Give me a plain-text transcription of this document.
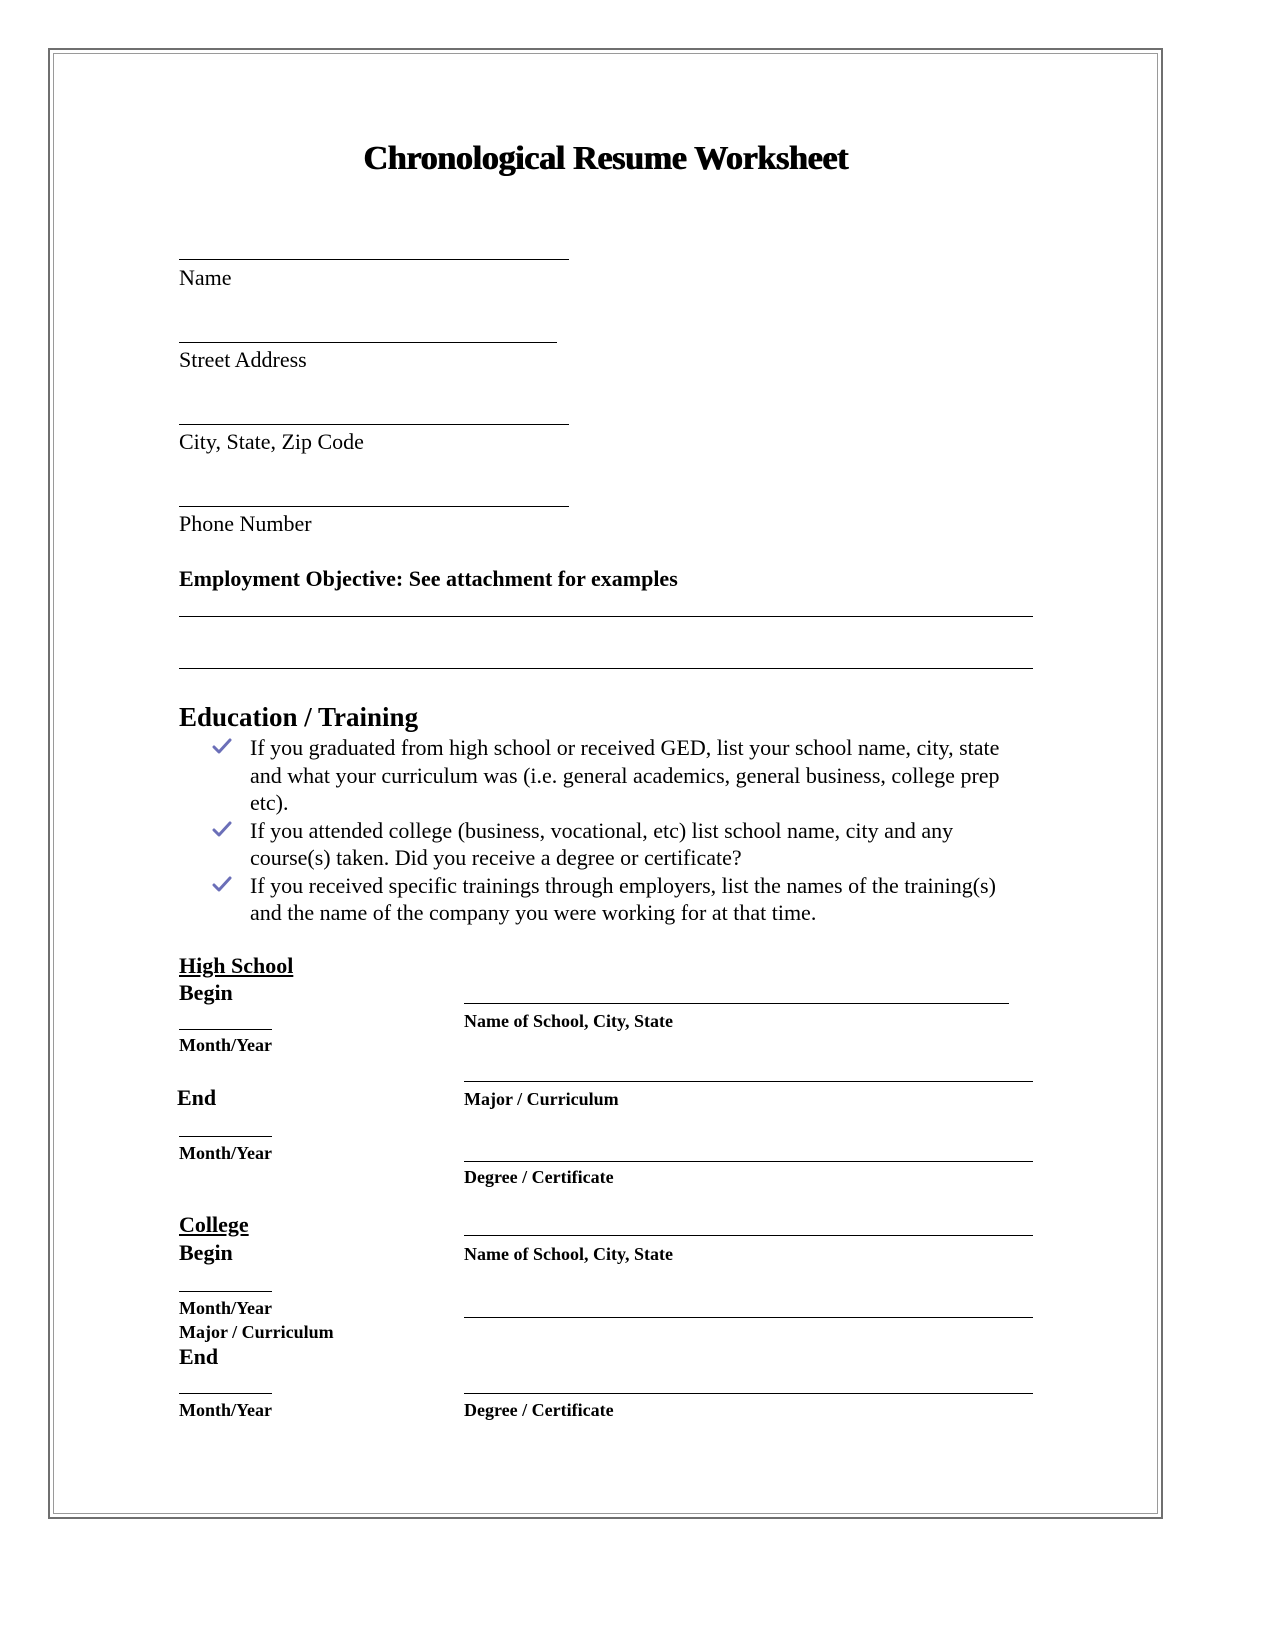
Chronological Resume Worksheet
Name
Street Address
City, State, Zip Code
Phone Number
Employment Objective: See attachment for examples
Education / Training
If you graduated from high school or received GED, list your school name, city, state and what your curriculum was (i.e. general academics, general business, college prep etc).
If you attended college (business, vocational, etc) list school name, city and any course(s) taken. Did you receive a degree or certificate?
If you received specific trainings through employers, list the names of the training(s) and the name of the company you were working for at that time.
High School
Begin
Month/Year
End
Month/Year
Name of School, City, State
Major / Curriculum
Degree / Certificate
College
Begin
Month/Year
Major / Curriculum
End
Month/Year
Name of School, City, State
Degree / Certificate
